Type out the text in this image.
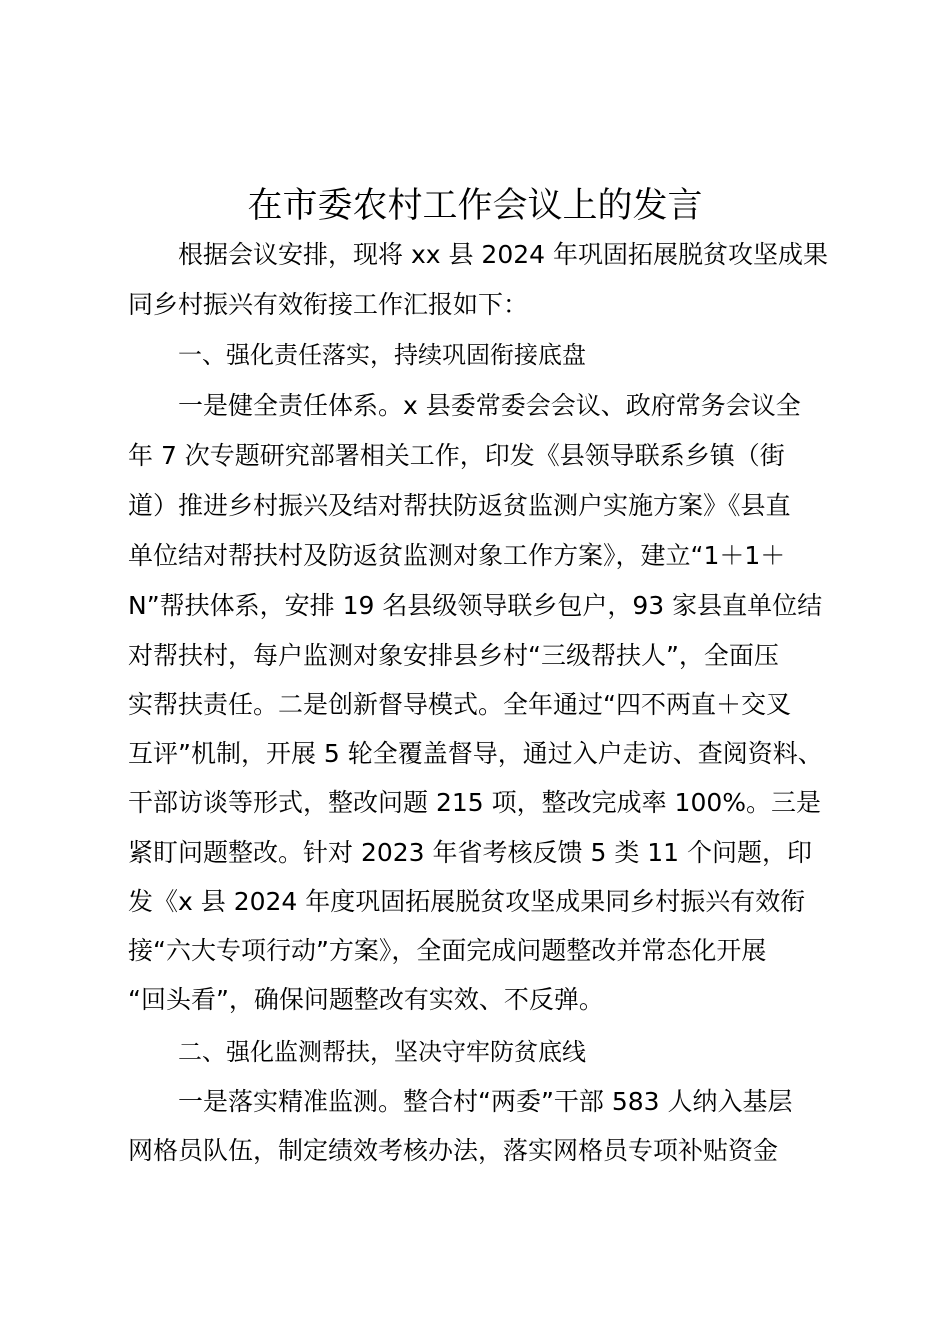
在市委农村工作会议上的发言
根据会议安排，现将 xx 县 2024 年巩固拓展脱贫攻坚成果
同乡村振兴有效衔接工作汇报如下：
一、强化责任落实，持续巩固衔接底盘
一是健全责任体系。x 县委常委会会议、政府常务会议全
年 7 次专题研究部署相关工作，印发《县领导联系乡镇（街
道）推进乡村振兴及结对帮扶防返贫监测户实施方案》《县直
单位结对帮扶村及防返贫监测对象工作方案》，建立“1＋1＋
N”帮扶体系，安排 19 名县级领导联乡包户，93 家县直单位结
对帮扶村，每户监测对象安排县乡村“三级帮扶人”，全面压
实帮扶责任。二是创新督导模式。全年通过“四不两直＋交叉
互评”机制，开展 5 轮全覆盖督导，通过入户走访、查阅资料、
干部访谈等形式，整改问题 215 项，整改完成率 100%。三是
紧盯问题整改。针对 2023 年省考核反馈 5 类 11 个问题，印
发《x 县 2024 年度巩固拓展脱贫攻坚成果同乡村振兴有效衔
接“六大专项行动”方案》，全面完成问题整改并常态化开展
“回头看”，确保问题整改有实效、不反弹。
二、强化监测帮扶，坚决守牢防贫底线
一是落实精准监测。整合村“两委”干部 583 人纳入基层
网格员队伍，制定绩效考核办法，落实网格员专项补贴资金
